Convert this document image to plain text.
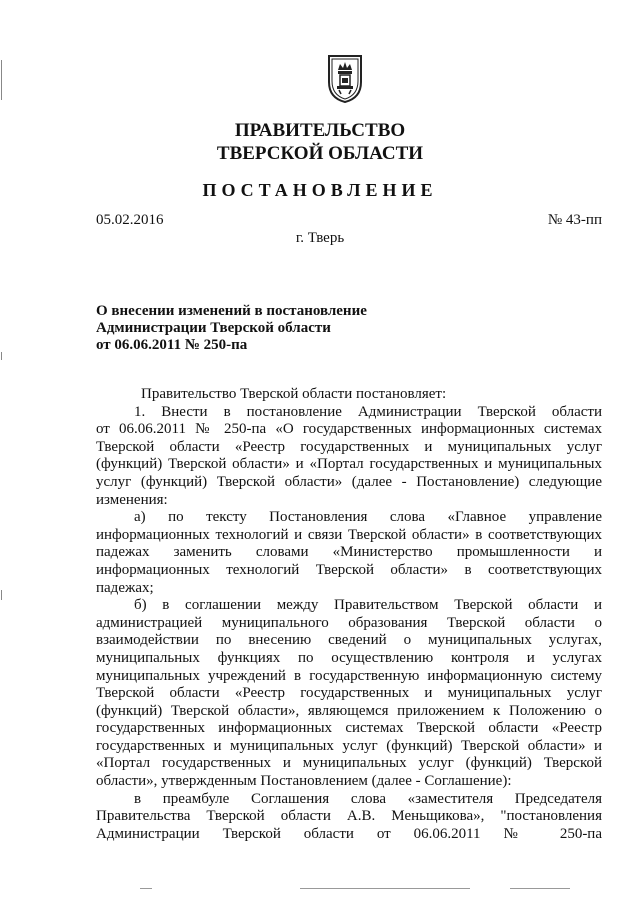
ПРАВИТЕЛЬСТВО
ТВЕРСКОЙ ОБЛАСТИ
ПОСТАНОВЛЕНИЕ
05.02.2016	№ 43-пп
г. Тверь
О внесении изменений в постановление
Администрации Тверской области
от 06.06.2011 № 250-па
Правительство Тверской области постановляет:
1. Внести в постановление Администрации Тверской области
от 06.06.2011 № 250-па «О государственных информационных системах
Тверской области «Реестр государственных и муниципальных услуг
(функций) Тверской области» и «Портал государственных и муниципальных
услуг (функций) Тверской области» (далее - Постановление) следующие
изменения:
а) по тексту Постановления слова «Главное управление
информационных технологий и связи Тверской области» в соответствующих
падежах заменить словами «Министерство промышленности и
информационных технологий Тверской области» в соответствующих
падежах;
б) в соглашении между Правительством Тверской области и
администрацией муниципального образования Тверской области о
взаимодействии по внесению сведений о муниципальных услугах,
муниципальных функциях по осуществлению контроля и услугах
муниципальных учреждений в государственную информационную систему
Тверской области «Реестр государственных и муниципальных услуг
(функций) Тверской области», являющемся приложением к Положению о
государственных информационных системах Тверской области «Реестр
государственных и муниципальных услуг (функций) Тверской области» и
«Портал государственных и муниципальных услуг (функций) Тверской
области», утвержденным Постановлением (далее - Соглашение):
в преамбуле Соглашения слова «заместителя Председателя
Правительства Тверской области А.В. Меньщикова», "постановления
Администрации Тверской области от 06.06.2011 № 250-па
